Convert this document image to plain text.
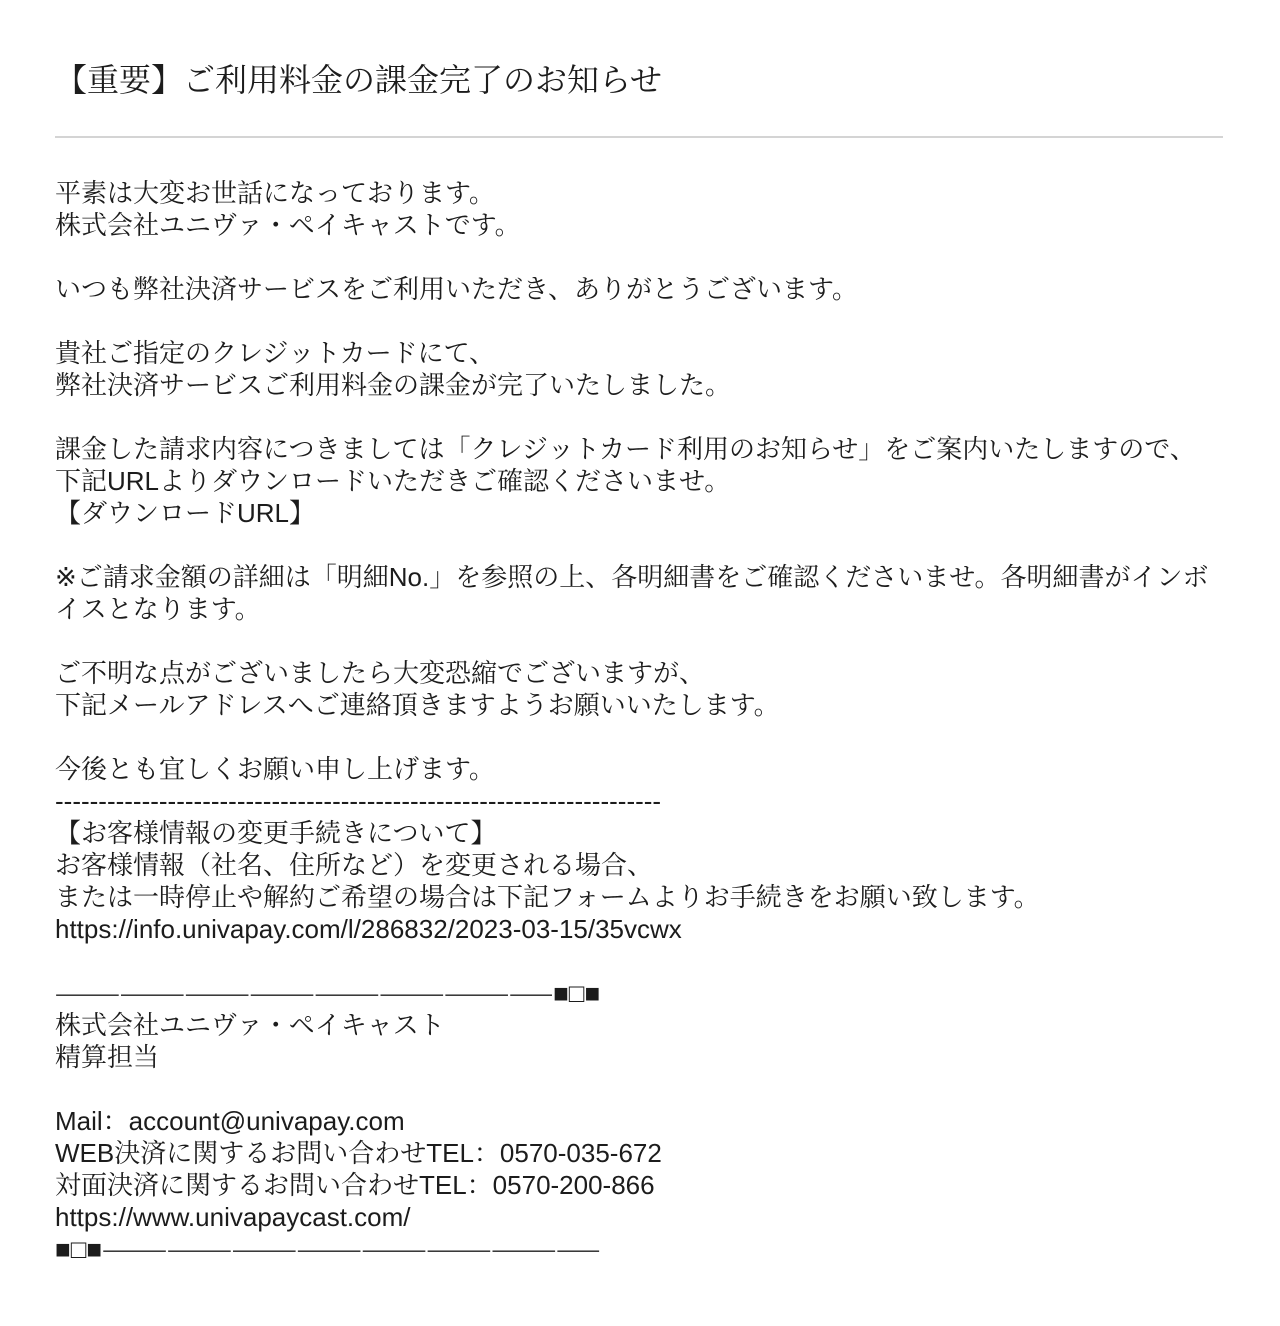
【重要】ご利用料金の課金完了のお知らせ

平素は大変お世話になっております。
株式会社ユニヴァ・ペイキャストです。

いつも弊社決済サービスをご利用いただき、ありがとうございます。

貴社ご指定のクレジットカードにて、
弊社決済サービスご利用料金の課金が完了いたしました。

課金した請求内容につきましては「クレジットカード利用のお知らせ」をご案内いたしますので、
下記URLよりダウンロードいただきご確認くださいませ。
【ダウンロードURL】

※ご請求金額の詳細は「明細No.」を参照の上、各明細書をご確認くださいませ。各明細書がインボイスとなります。

ご不明な点がございましたら大変恐縮でございますが、
下記メールアドレスへご連絡頂きますようお願いいたします。

今後とも宜しくお願い申し上げます。
----------------------------------------------------------------------
【お客様情報の変更手続きについて】
お客様情報（社名、住所など）を変更される場合、
または一時停止や解約ご希望の場合は下記フォームよりお手続きをお願い致します。
https://info.univapay.com/l/286832/2023-03-15/35vcwx

⸻⸻⸻⸻⸻⸻⸻⸺■□■
株式会社ユニヴァ・ペイキャスト
精算担当

Mail：account@univapay.com
WEB決済に関するお問い合わせTEL：0570-035-672
対面決済に関するお問い合わせTEL：0570-200-866
https://www.univapaycast.com/
■□■⸻⸻⸻⸻⸻⸻⸻⸺
